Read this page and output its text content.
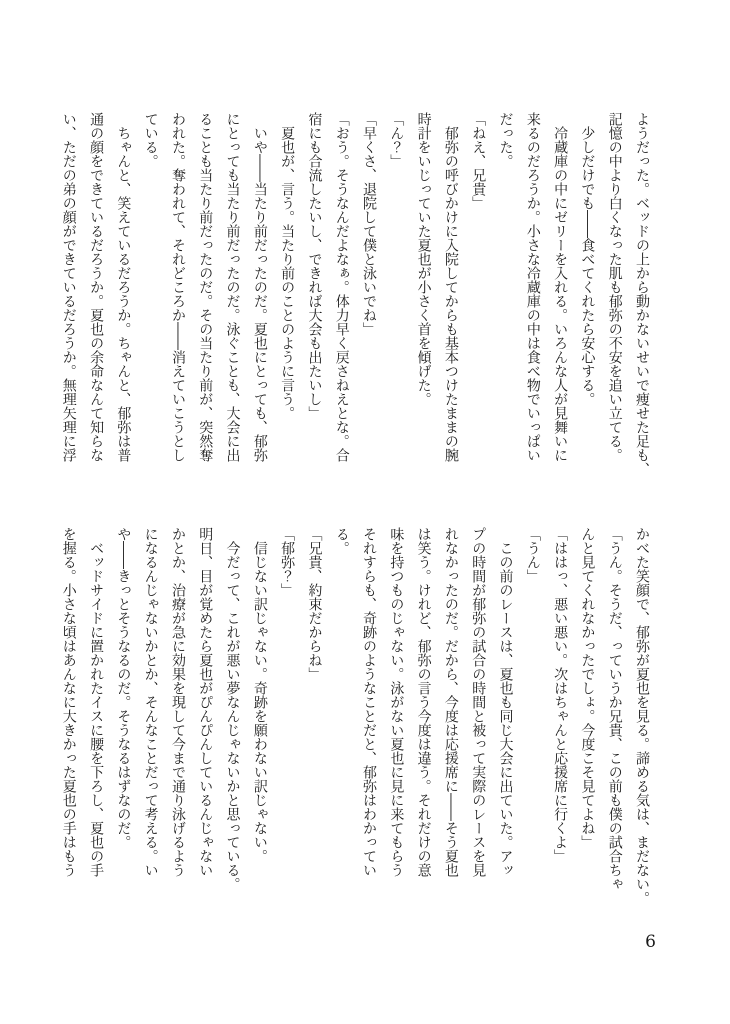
ようだった。ベッドの上から動かないせいで痩せた足も、

記憶の中より白くなった肌も郁弥の不安を追い立てる。

　少しだけでも――食べてくれたら安心する。

　冷蔵庫の中にゼリーを入れる。いろんな人が見舞いに

来るのだろうか。小さな冷蔵庫の中は食べ物でいっぱい

だった。

「ねえ、兄貴」

　郁弥の呼びかけに入院してからも基本つけたままの腕

時計をいじっていた夏也が小さく首を傾げた。

「ん？」

「早くさ、退院して僕と泳いでね」

「おう。そうなんだよなぁ。体力早く戻さねえとな。合

宿にも合流したいし、できれば大会も出たいし」

　夏也が、言う。当たり前のことのように言う。

　いや――当たり前だったのだ。夏也にとっても、郁弥

にとっても当たり前だったのだ。泳ぐことも、大会に出

ることも当たり前だったのだ。その当たり前が、突然奪

われた。奪われて、それどころか――消えていこうとし

ている。

　ちゃんと、笑えているだろうか。ちゃんと、郁弥は普

通の顔をできているだろうか。夏也の余命なんて知らな

い、ただの弟の顔ができているだろうか。無理矢理に浮

かべた笑顔で、郁弥が夏也を見る。諦める気は、まだない。

「うん。そうだ、っていうか兄貴、この前も僕の試合ちゃ

んと見てくれなかったでしょ。今度こそ見てよね」

「ははっ、悪い悪い。次はちゃんと応援席に行くよ」

「うん」

　この前のレースは、夏也も同じ大会に出ていた。アッ

プの時間が郁弥の試合の時間と被って実際のレースを見

れなかったのだ。だから、今度は応援席に――そう夏也

は笑う。けれど、郁弥の言う今度は違う。それだけの意

味を持つものじゃない。泳がない夏也に見に来てもらう

それすらも、奇跡のようなことだと、郁弥はわかってい

る。

「兄貴、約束だからね」

「郁弥？」

　信じない訳じゃない。奇跡を願わない訳じゃない。

　今だって、これが悪い夢なんじゃないかと思っている。

明日、目が覚めたら夏也がぴんぴんしているんじゃない

かとか、治療が急に効果を現して今まで通り泳げるよう

になるんじゃないかとか、そんなことだって考える。い

や――きっとそうなるのだ。そうなるはずなのだ。

　ベッドサイドに置かれたイスに腰を下ろし、夏也の手

を握る。小さな頃はあんなに大きかった夏也の手はもう

6
